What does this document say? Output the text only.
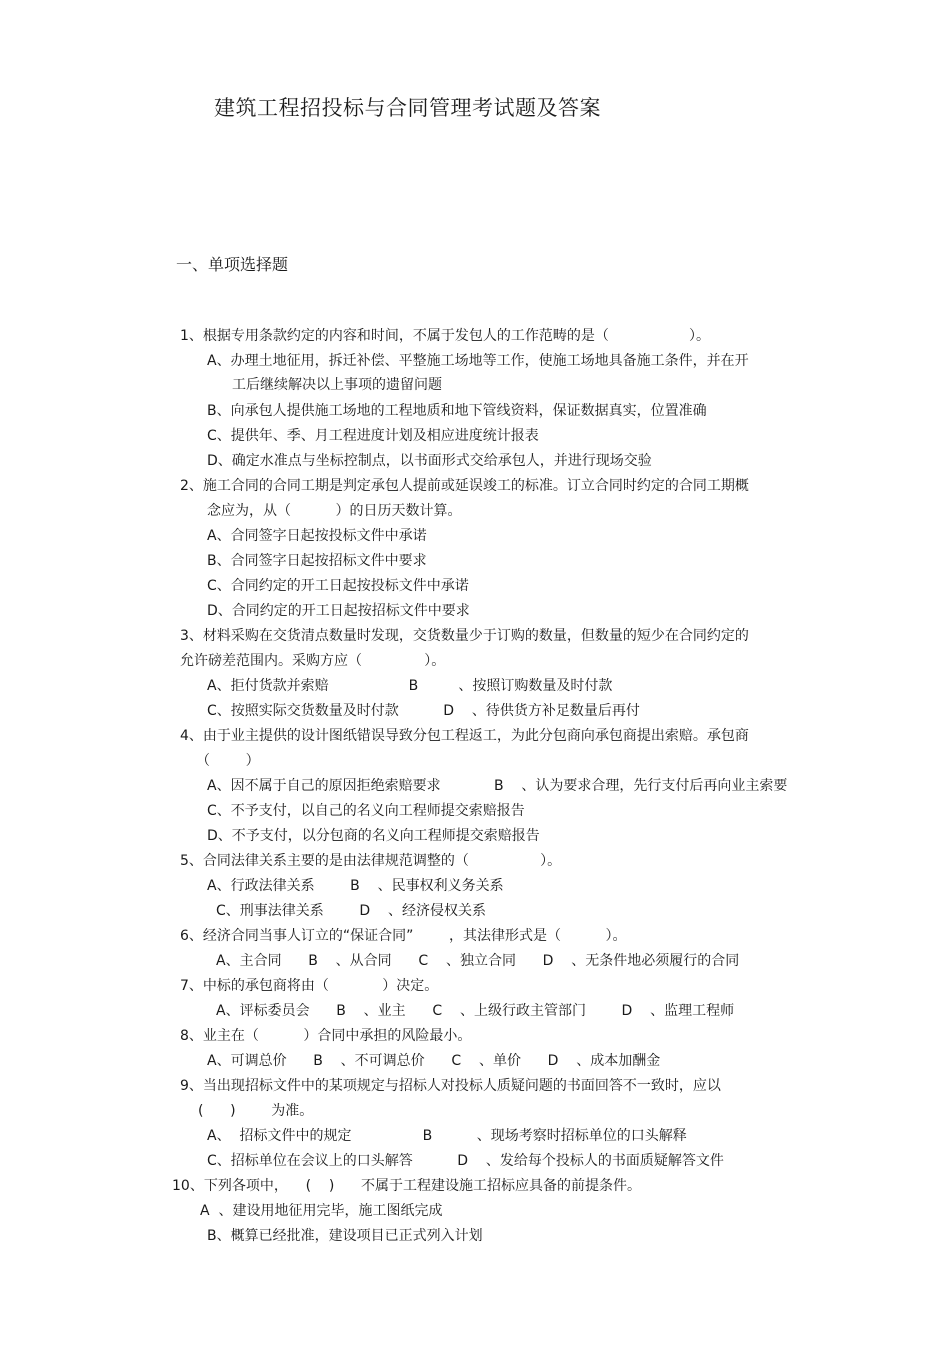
建筑工程招投标与合同管理考试题及答案
一、单项选择题
1、根据专用条款约定的内容和时间，不属于发包人的工作范畴的是（                  ）。
A、办理土地征用，拆迁补偿、平整施工场地等工作，使施工场地具备施工条件，并在开
工后继续解决以上事项的遗留问题
B、向承包人提供施工场地的工程地质和地下管线资料，保证数据真实，位置准确
C、提供年、季、月工程进度计划及相应进度统计报表
D、确定水准点与坐标控制点，以书面形式交给承包人，并进行现场交验
2、施工合同的合同工期是判定承包人提前或延误竣工的标准。订立合同时约定的合同工期概
念应为，从（          ）的日历天数计算。
A、合同签字日起按投标文件中承诺
B、合同签字日起按招标文件中要求
C、合同约定的开工日起按投标文件中承诺
D、合同约定的开工日起按招标文件中要求
3、材料采购在交货清点数量时发现，交货数量少于订购的数量，但数量的短少在合同约定的
允许磅差范围内。采购方应（              ）。
A、拒付货款并索赔                  B         、按照订购数量及时付款
C、按照实际交货数量及时付款          D    、待供货方补足数量后再付
4、由于业主提供的设计图纸错误导致分包工程返工，为此分包商向承包商提出索赔。承包商
（        ）
A、因不属于自己的原因拒绝索赔要求            B    、认为要求合理，先行支付后再向业主索要
C、不予支付，以自己的名义向工程师提交索赔报告
D、不予支付，以分包商的名义向工程师提交索赔报告
5、合同法律关系主要的是由法律规范调整的（                ）。
A、行政法律关系        B    、民事权利义务关系
C、刑事法律关系        D    、经济侵权关系
6、经济合同当事人订立的“保证合同”        ，其法律形式是（          ）。
A、主合同      B    、从合同      C    、独立合同      D    、无条件地必须履行的合同
7、中标的承包商将由（            ）决定。
A、评标委员会      B    、业主      C    、上级行政主管部门        D    、监理工程师
8、业主在（          ）合同中承担的风险最小。
A、可调总价      B    、不可调总价      C    、单价      D    、成本加酬金
9、当出现招标文件中的某项规定与招标人对投标人质疑问题的书面回答不一致时，应以
(      )        为准。
A、  招标文件中的规定                B          、现场考察时招标单位的口头解释
C、招标单位在会议上的口头解答          D    、发给每个投标人的书面质疑解答文件
10、下列各项中，    (    )      不属于工程建设施工招标应具备的前提条件。
A  、建设用地征用完毕，施工图纸完成
B、概算已经批准，建设项目已正式列入计划
